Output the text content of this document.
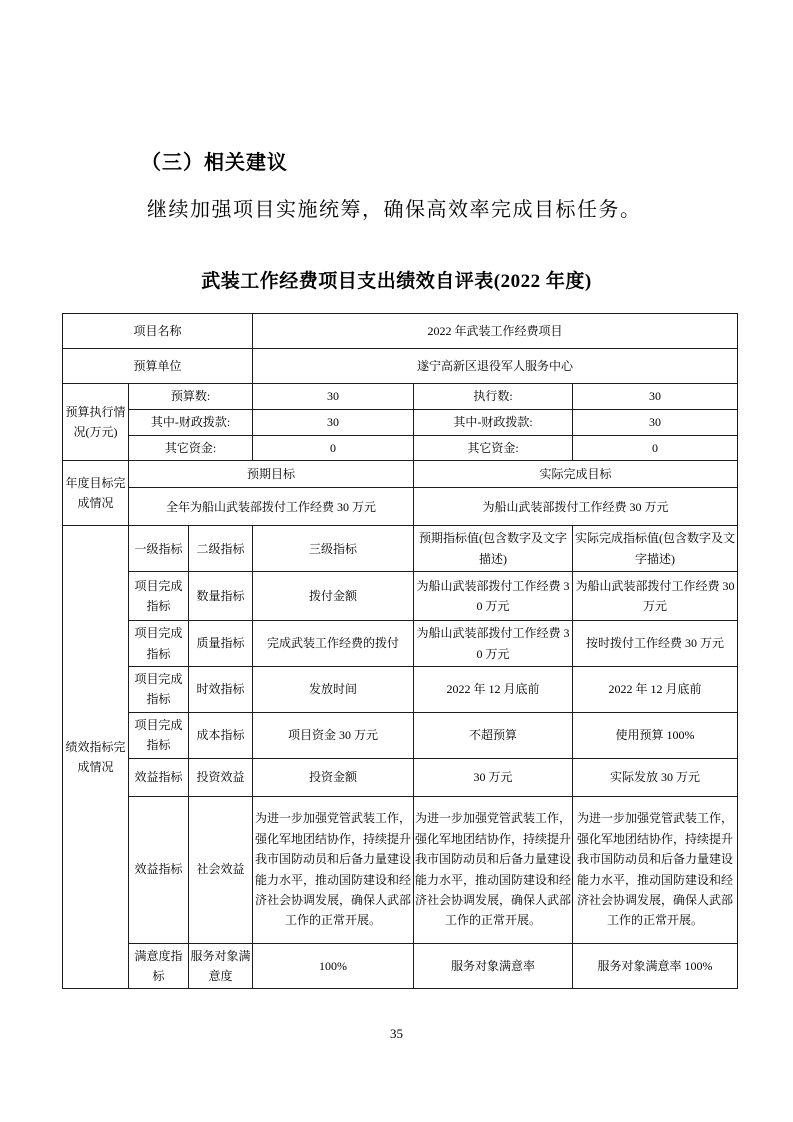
（三）相关建议

继续加强项目实施统筹，确保高效率完成目标任务。

武装工作经费项目支出绩效自评表(2022 年度)
项目名称			2022 年武装工作经费项目		
预算单位			遂宁高新区退役军人服务中心		
预算执行情况(万元)	预算数:		30	执行数:	30
	其中-财政拨款:		30	其中-财政拨款:	30
	其它资金:		0	其它资金:	0
年度目标完成情况	预期目标			实际完成目标	
	全年为船山武装部拨付工作经费 30 万元			为船山武装部拨付工作经费 30 万元	
绩效指标完成情况	一级指标	二级指标	三级指标	预期指标值(包含数字及文字描述)	实际完成指标值(包含数字及文字描述)
	项目完成指标	数量指标	拨付金额	为船山武装部拨付工作经费 30 万元	为船山武装部拨付工作经费 30 万元
	项目完成指标	质量指标	完成武装工作经费的拨付	为船山武装部拨付工作经费 30 万元	按时拨付工作经费 30 万元
	项目完成指标	时效指标	发放时间	2022 年 12 月底前	2022 年 12 月底前
	项目完成指标	成本指标	项目资金 30 万元	不超预算	使用预算 100%
	效益指标	投资效益	投资金额	30 万元	实际发放 30 万元
	效益指标	社会效益	为进一步加强党管武装工作，强化军地团结协作，持续提升我市国防动员和后备力量建设能力水平，推动国防建设和经济社会协调发展，确保人武部工作的正常开展。	为进一步加强党管武装工作，强化军地团结协作，持续提升我市国防动员和后备力量建设能力水平，推动国防建设和经济社会协调发展，确保人武部工作的正常开展。	为进一步加强党管武装工作，强化军地团结协作，持续提升我市国防动员和后备力量建设能力水平，推动国防建设和经济社会协调发展，确保人武部工作的正常开展。
	满意度指标	服务对象满意度	100%	服务对象满意率	服务对象满意率 100%
35
